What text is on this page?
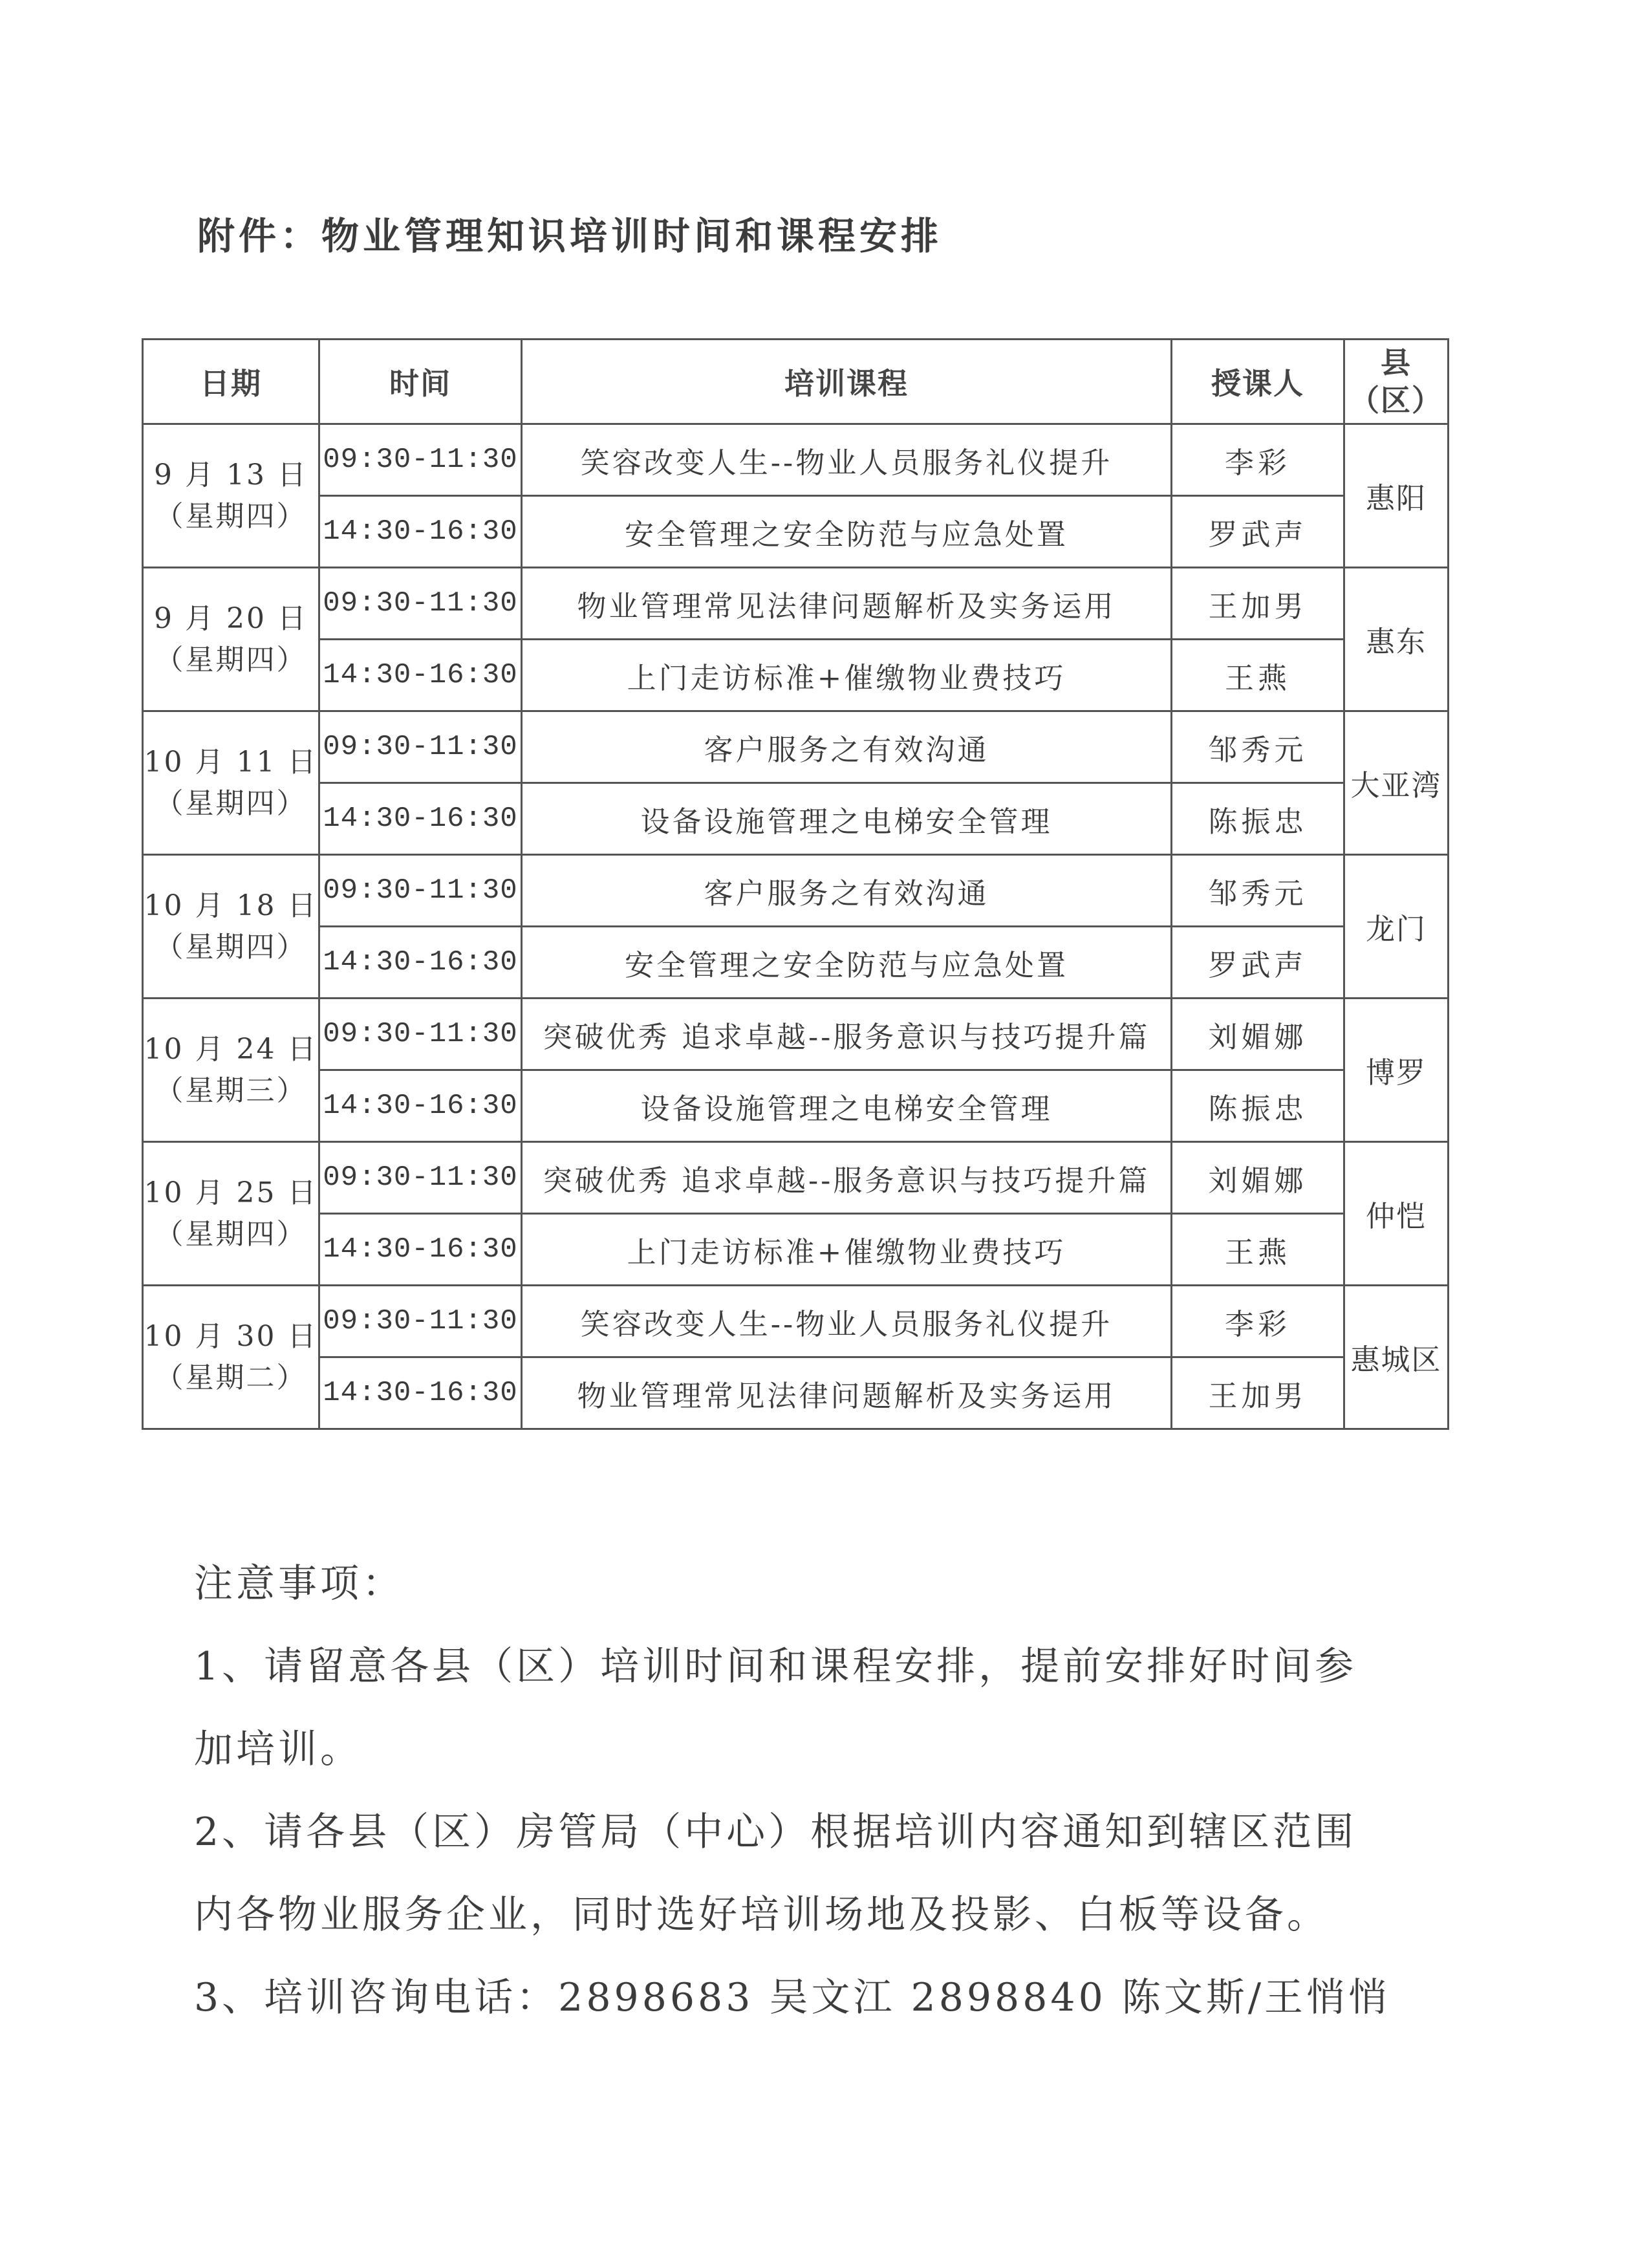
附件：物业管理知识培训时间和课程安排
日期	时间	培训课程	授课人	县
（区）

9 月 13 日
（星期四）	09:30-11:30	笑容改变人生--物业人员服务礼仪提升	李彩	惠阳
	14:30-16:30	安全管理之安全防范与应急处置	罗武声	

9 月 20 日
（星期四）	09:30-11:30	物业管理常见法律问题解析及实务运用	王加男	惠东
	14:30-16:30	上门走访标准+催缴物业费技巧	王燕	

10 月 11 日
（星期四）	09:30-11:30	客户服务之有效沟通	邹秀元	大亚湾
	14:30-16:30	设备设施管理之电梯安全管理	陈振忠	

10 月 18 日
（星期四）	09:30-11:30	客户服务之有效沟通	邹秀元	龙门
	14:30-16:30	安全管理之安全防范与应急处置	罗武声	

10 月 24 日
（星期三）	09:30-11:30	突破优秀 追求卓越--服务意识与技巧提升篇	刘媚娜	博罗
	14:30-16:30	设备设施管理之电梯安全管理	陈振忠	

10 月 25 日
（星期四）	09:30-11:30	突破优秀 追求卓越--服务意识与技巧提升篇	刘媚娜	仲恺
	14:30-16:30	上门走访标准+催缴物业费技巧	王燕	

10 月 30 日
（星期二）	09:30-11:30	笑容改变人生--物业人员服务礼仪提升	李彩	惠城区
	14:30-16:30	物业管理常见法律问题解析及实务运用	王加男	

注意事项：

1、请留意各县（区）培训时间和课程安排，提前安排好时间参

加培训。

2、请各县（区）房管局（中心）根据培训内容通知到辖区范围

内各物业服务企业，同时选好培训场地及投影、白板等设备。

3、培训咨询电话：2898683 吴文江 2898840 陈文斯/王悄悄
